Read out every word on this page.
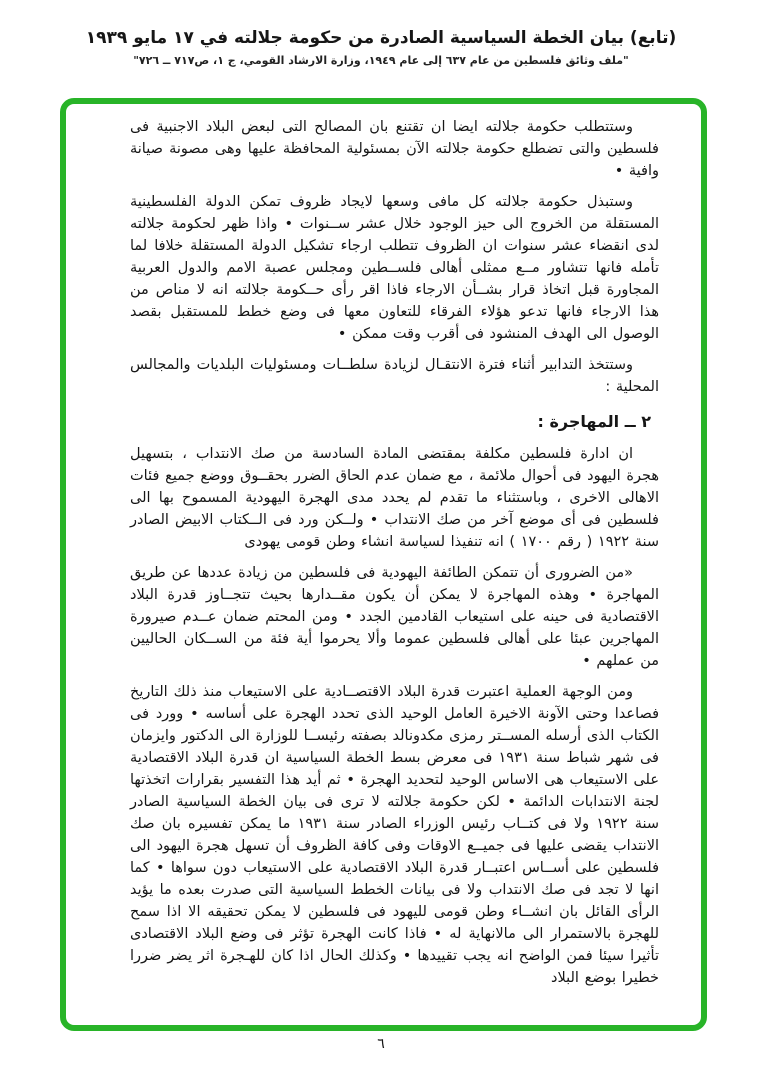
(تابع) بيان الخطة السياسية الصادرة من حكومة جلالته في ١٧ مايو ١٩٣٩
"ملف وثائق فلسطين من عام ٦٣٧ إلى عام ١٩٤٩، وزارة الارشاد القومي، ج ١، ص٧١٧ ــ ٧٢٦"

وستتطلب حكومة جلالته ايضا ان تقتنع بان المصالح التى لبعض البلاد الاجنبية فى فلسطين والتى تضطلع حكومة جلالته الآن بمسئولية المحافظة عليها وهى مصونة صيانة وافية •

وستبذل حكومة جلالته كل مافى وسعها لايجاد ظروف تمكن الدولة الفلسطينية المستقلة من الخروج الى حيز الوجود خلال عشر ســنوات • واذا ظهر لحكومة جلالته لدى انقضاء عشر سنوات ان الظروف تتطلب ارجاء تشكيل الدولة المستقلة خلافا لما تأمله فانها تتشاور مــع ممثلى أهالى فلســطين ومجلس عصبة الامم والدول العربية المجاورة قبل اتخاذ قرار بشــأن الارجاء فاذا اقر رأى حــكومة جلالته انه لا مناص من هذا الارجاء فانها تدعو هؤلاء الفرقاء للتعاون معها فى وضع خطط للمستقبل بقصد الوصول الى الهدف المنشود فى أقرب وقت ممكن •

وستتخذ التدابير أثناء فترة الانتقـال لزيادة سلطــات ومسئوليات البلديات والمجالس المحلية :

٢ ــ المهاجرة :

ان ادارة فلسطين مكلفة بمقتضى المادة السادسة من صك الانتداب ، بتسهيل هجرة اليهود فى أحوال ملائمة ، مع ضمان عدم الحاق الضرر بحقــوق ووضع جميع فئات الاهالى الاخرى ، وباستثناء ما تقدم لم يحدد مدى الهجرة اليهودية المسموح بها الى فلسطين فى أى موضع آخر من صك الانتداب • ولــكن ورد فى الــكتاب الابيض الصادر سنة ١٩٢٢ ( رقم ١٧٠٠ ) انه تنفيذا لسياسة انشاء وطن قومى يهودى

«من الضرورى أن تتمكن الطائفة اليهودية فى فلسطين من زيادة عددها عن طريق المهاجرة • وهذه المهاجرة لا يمكن أن يكون مقــدارها بحيث تتجــاوز قدرة البلاد الاقتصادية فى حينه على استيعاب القادمين الجدد • ومن المحتم ضمان عــدم صيرورة المهاجرين عبئا على أهالى فلسطين عموما وألا يحرموا أية فئة من الســكان الحاليين من عملهم •

ومن الوجهة العملية اعتبرت قدرة البلاد الاقتصــادية على الاستيعاب منذ ذلك التاريخ فصاعدا وحتى الآونة الاخيرة العامل الوحيد الذى تحدد الهجرة على أساسه • وورد فى الكتاب الذى أرسله المســتر رمزى مكدونالد بصفته رئيســا للوزارة الى الدكتور وايزمان فى شهر شباط سنة ١٩٣١ فى معرض بسط الخطة السياسية ان قدرة البلاد الاقتصادية على الاستيعاب هى الاساس الوحيد لتحديد الهجرة • ثم أيد هذا التفسير بقرارات اتخذتها لجنة الانتدابات الدائمة • لكن حكومة جلالته لا ترى فى بيان الخطة السياسية الصادر سنة ١٩٢٢ ولا فى كتــاب رئيس الوزراء الصادر سنة ١٩٣١ ما يمكن تفسيره بان صك الانتداب يقضى عليها فى جميــع الاوقات وفى كافة الظروف أن تسهل هجرة اليهود الى فلسطين على أســاس اعتبــار قدرة البلاد الاقتصادية على الاستيعاب دون سواها • كما انها لا تجد فى صك الانتداب ولا فى بيانات الخطط السياسية التى صدرت بعده ما يؤيد الرأى القائل بان انشــاء وطن قومى لليهود فى فلسطين لا يمكن تحقيقه الا اذا سمح للهجرة بالاستمرار الى مالانهاية له • فاذا كانت الهجرة تؤثر فى وضع البلاد الاقتصادى تأثيرا سيئا فمن الواضح انه يجب تقييدها • وكذلك الحال اذا كان للهـجرة اثر يضر ضررا خطيرا بوضع البلاد

٦
